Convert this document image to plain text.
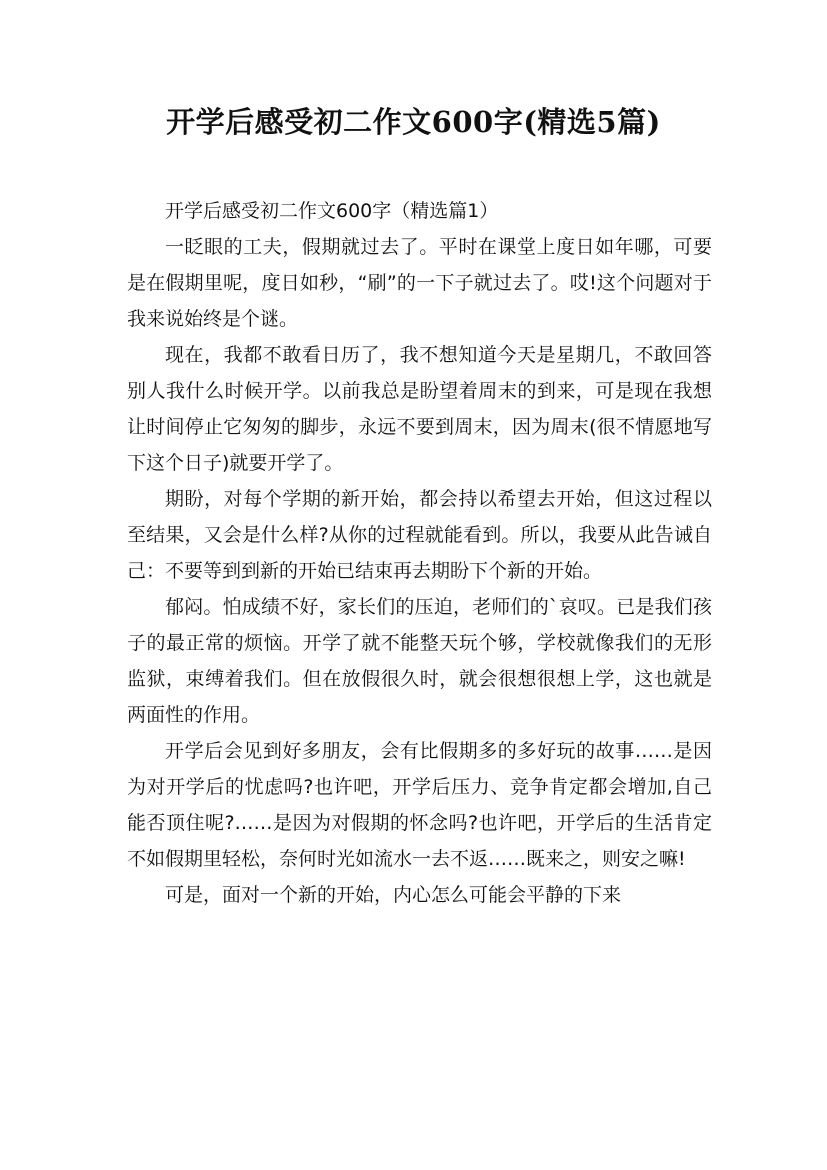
开学后感受初二作文600字(精选5篇)

开学后感受初二作文600字（精选篇1）

一眨眼的工夫，假期就过去了。平时在课堂上度日如年哪，可要是在假期里呢，度日如秒，“刷”的一下子就过去了。哎!这个问题对于我来说始终是个谜。

现在，我都不敢看日历了，我不想知道今天是星期几，不敢回答别人我什么时候开学。以前我总是盼望着周末的到来，可是现在我想让时间停止它匆匆的脚步，永远不要到周末，因为周末(很不情愿地写下这个日子)就要开学了。

期盼，对每个学期的新开始，都会持以希望去开始，但这过程以至结果，又会是什么样?从你的过程就能看到。所以，我要从此告诫自己：不要等到到新的开始已结束再去期盼下个新的开始。

郁闷。怕成绩不好，家长们的压迫，老师们的`哀叹。已是我们孩子的最正常的烦恼。开学了就不能整天玩个够，学校就像我们的无形监狱，束缚着我们。但在放假很久时，就会很想很想上学，这也就是两面性的作用。

开学后会见到好多朋友，会有比假期多的多好玩的故事……是因为对开学后的忧虑吗?也许吧，开学后压力、竞争肯定都会增加,自己能否顶住呢?……是因为对假期的怀念吗?也许吧，开学后的生活肯定不如假期里轻松，奈何时光如流水一去不返……既来之，则安之嘛!

可是，面对一个新的开始，内心怎么可能会平静的下来
